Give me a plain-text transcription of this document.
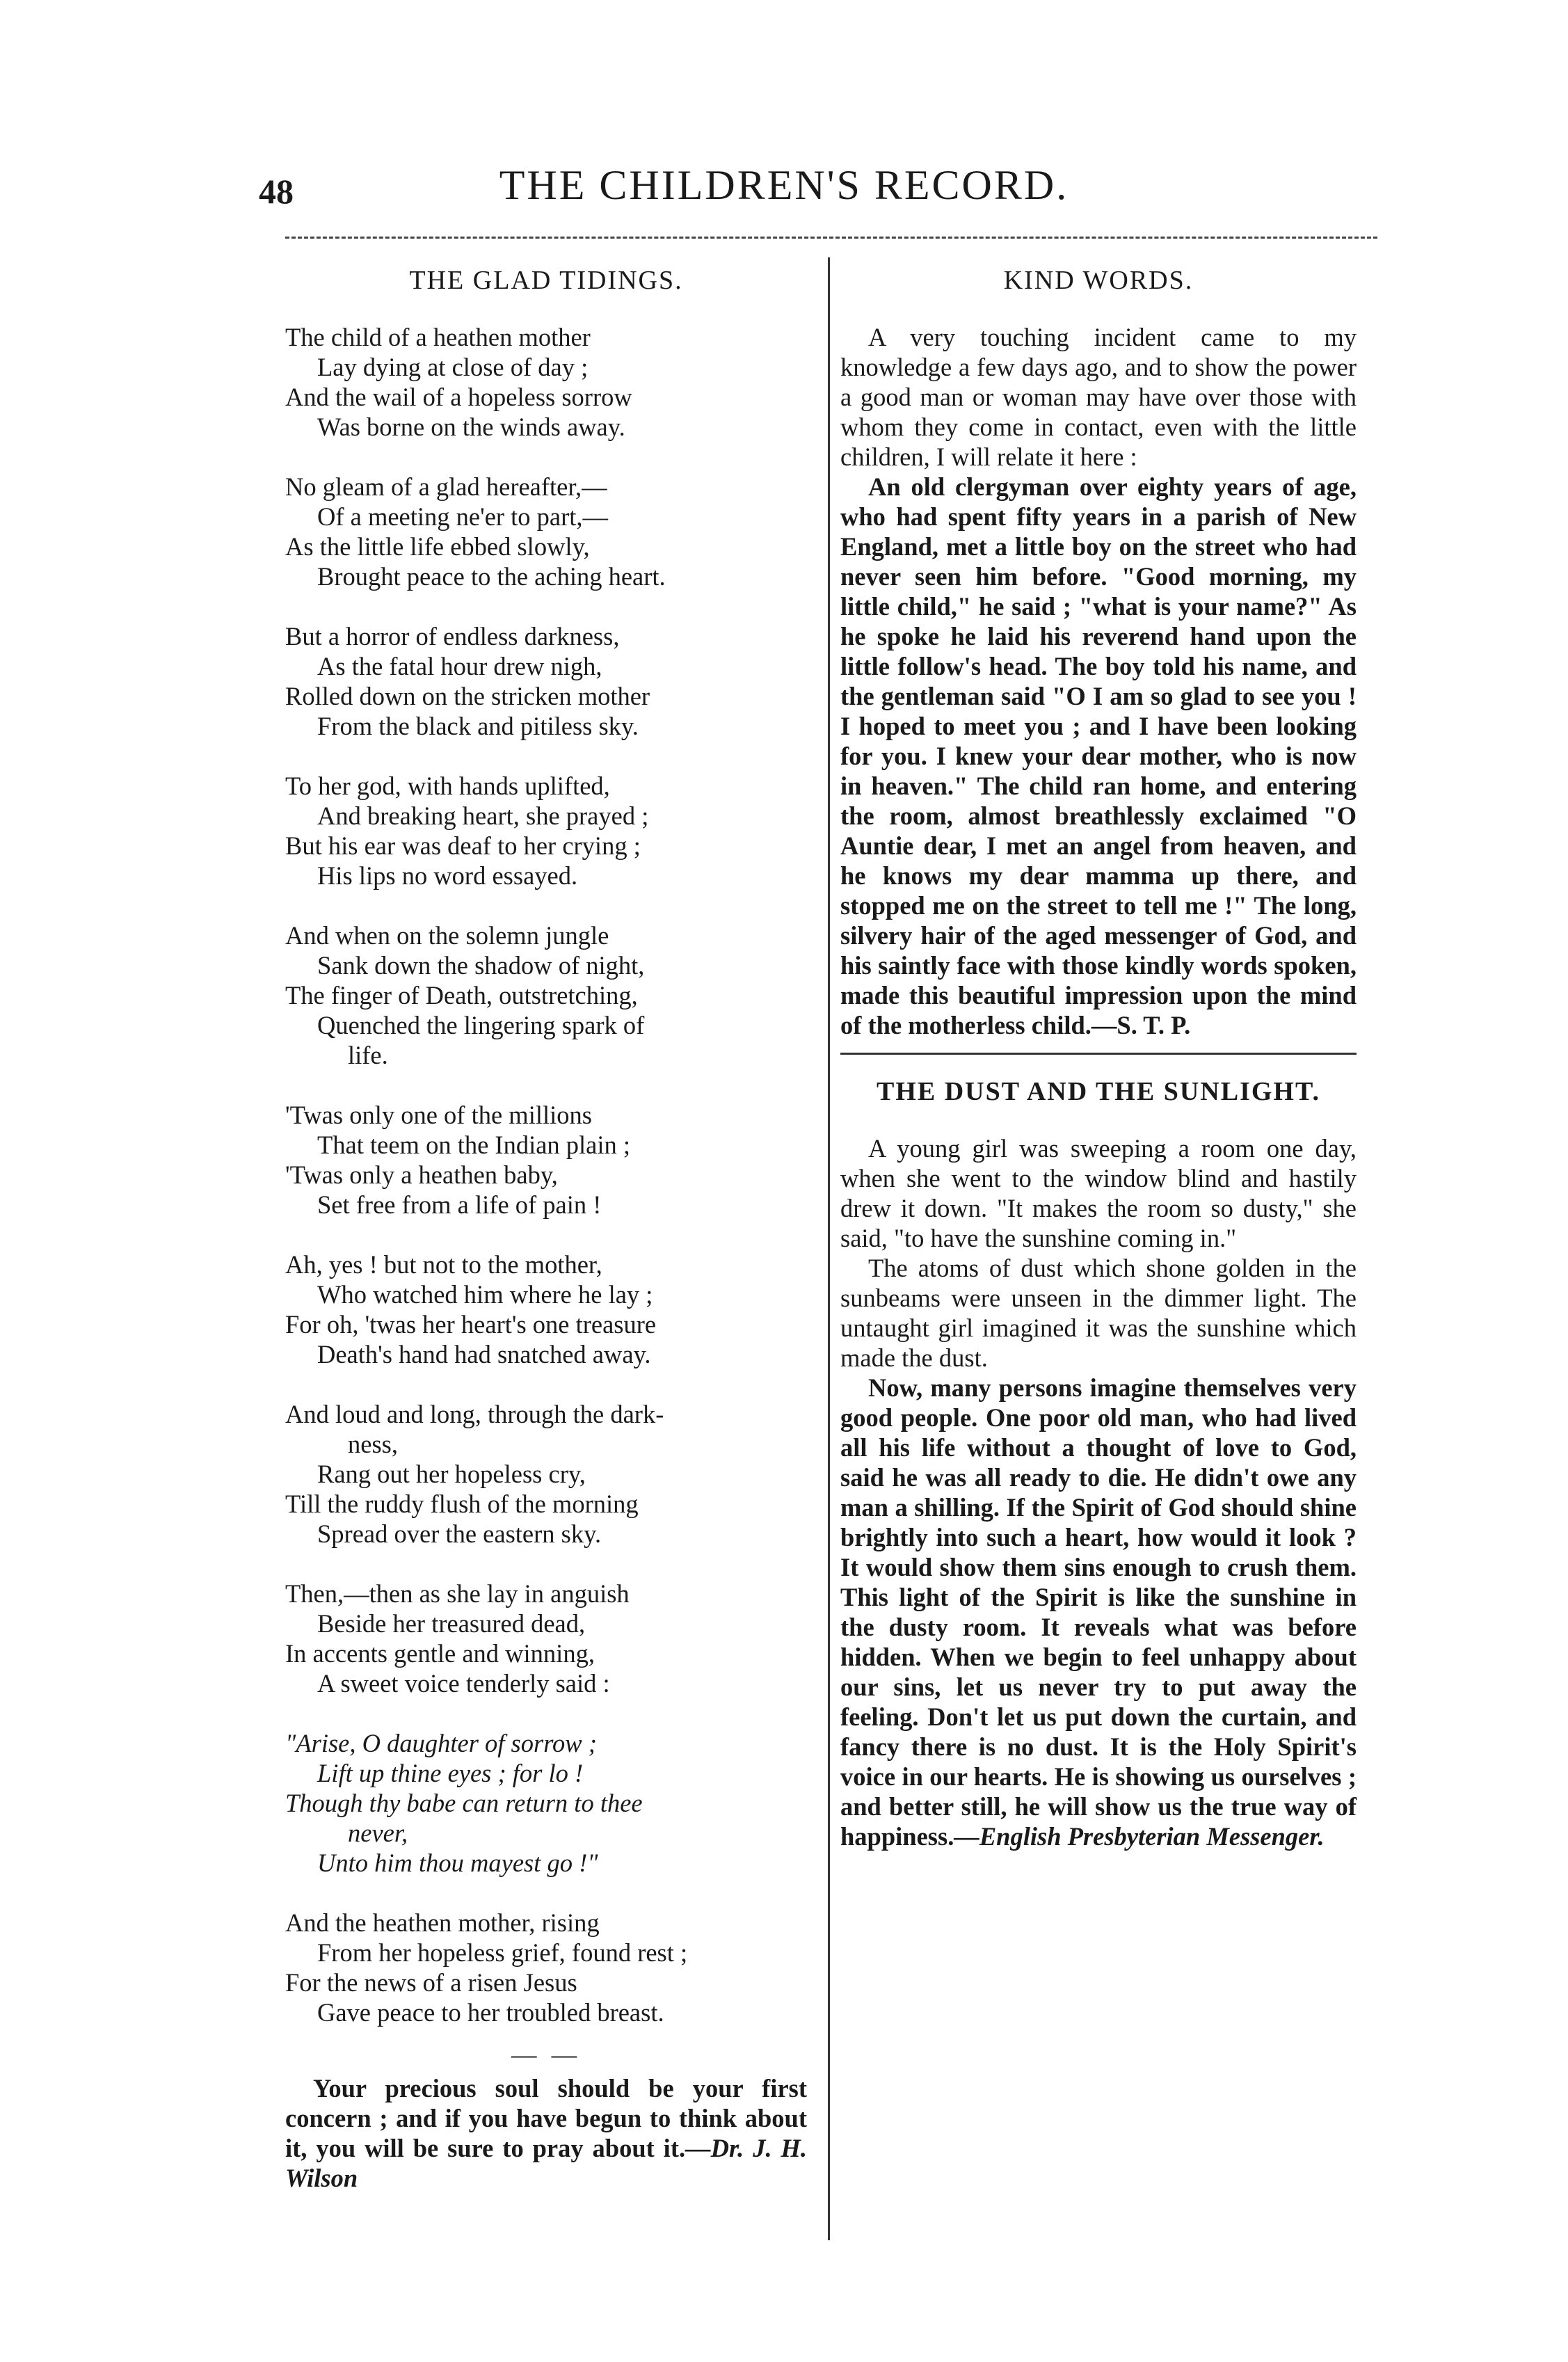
48	THE CHILDREN'S RECORD.
THE GLAD TIDINGS.
The child of a heathen mother
Lay dying at close of day ;
And the wail of a hopeless sorrow
Was borne on the winds away.
No gleam of a glad hereafter,—
Of a meeting ne'er to part,—
As the little life ebbed slowly,
Brought peace to the aching heart.
But a horror of endless darkness,
As the fatal hour drew nigh,
Rolled down on the stricken mother
From the black and pitiless sky.
To her god, with hands uplifted,
And breaking heart, she prayed ;
But his ear was deaf to her crying ;
His lips no word essayed.
And when on the solemn jungle
Sank down the shadow of night,
The finger of Death, outstretching,
Quenched the lingering spark of
life.
'Twas only one of the millions
That teem on the Indian plain ;
'Twas only a heathen baby,
Set free from a life of pain !
Ah, yes ! but not to the mother,
Who watched him where he lay ;
For oh, 'twas her heart's one treasure
Death's hand had snatched away.
And loud and long, through the dark-
ness,
Rang out her hopeless cry,
Till the ruddy flush of the morning
Spread over the eastern sky.
Then,—then as she lay in anguish
Beside her treasured dead,
In accents gentle and winning,
A sweet voice tenderly said :
"Arise, O daughter of sorrow ;
Lift up thine eyes ; for lo !
Though thy babe can return to thee
never,
Unto him thou mayest go !"
And the heathen mother, rising
From her hopeless grief, found rest ;
For the news of a risen Jesus
Gave peace to her troubled breast.
— —

Your precious soul should be your first concern ; and if you have begun to think about it, you will be sure to pray about it.—Dr. J. H. Wilson

KIND WORDS.

A very touching incident came to my knowledge a few days ago, and to show the power a good man or woman may have over those with whom they come in contact, even with the little children, I will relate it here :

An old clergyman over eighty years of age, who had spent fifty years in a parish of New England, met a little boy on the street who had never seen him before. "Good morning, my little child," he said ; "what is your name?" As he spoke he laid his reverend hand upon the little follow's head. The boy told his name, and the gentleman said "O I am so glad to see you ! I hoped to meet you ; and I have been looking for you. I knew your dear mother, who is now in heaven." The child ran home, and entering the room, almost breathlessly exclaimed "O Auntie dear, I met an angel from heaven, and he knows my dear mamma up there, and stopped me on the street to tell me !" The long, silvery hair of the aged messenger of God, and his saintly face with those kindly words spoken, made this beautiful impression upon the mind of the motherless child.—S. T. P.

THE DUST AND THE SUNLIGHT.

A young girl was sweeping a room one day, when she went to the window blind and hastily drew it down. "It makes the room so dusty," she said, "to have the sunshine coming in."

The atoms of dust which shone golden in the sunbeams were unseen in the dimmer light. The untaught girl imagined it was the sunshine which made the dust.

Now, many persons imagine themselves very good people. One poor old man, who had lived all his life without a thought of love to God, said he was all ready to die. He didn't owe any man a shilling. If the Spirit of God should shine brightly into such a heart, how would it look ? It would show them sins enough to crush them. This light of the Spirit is like the sunshine in the dusty room. It reveals what was before hidden. When we begin to feel unhappy about our sins, let us never try to put away the feeling. Don't let us put down the curtain, and fancy there is no dust. It is the Holy Spirit's voice in our hearts. He is showing us ourselves ; and better still, he will show us the true way of happiness.—English Presbyterian Messenger.
